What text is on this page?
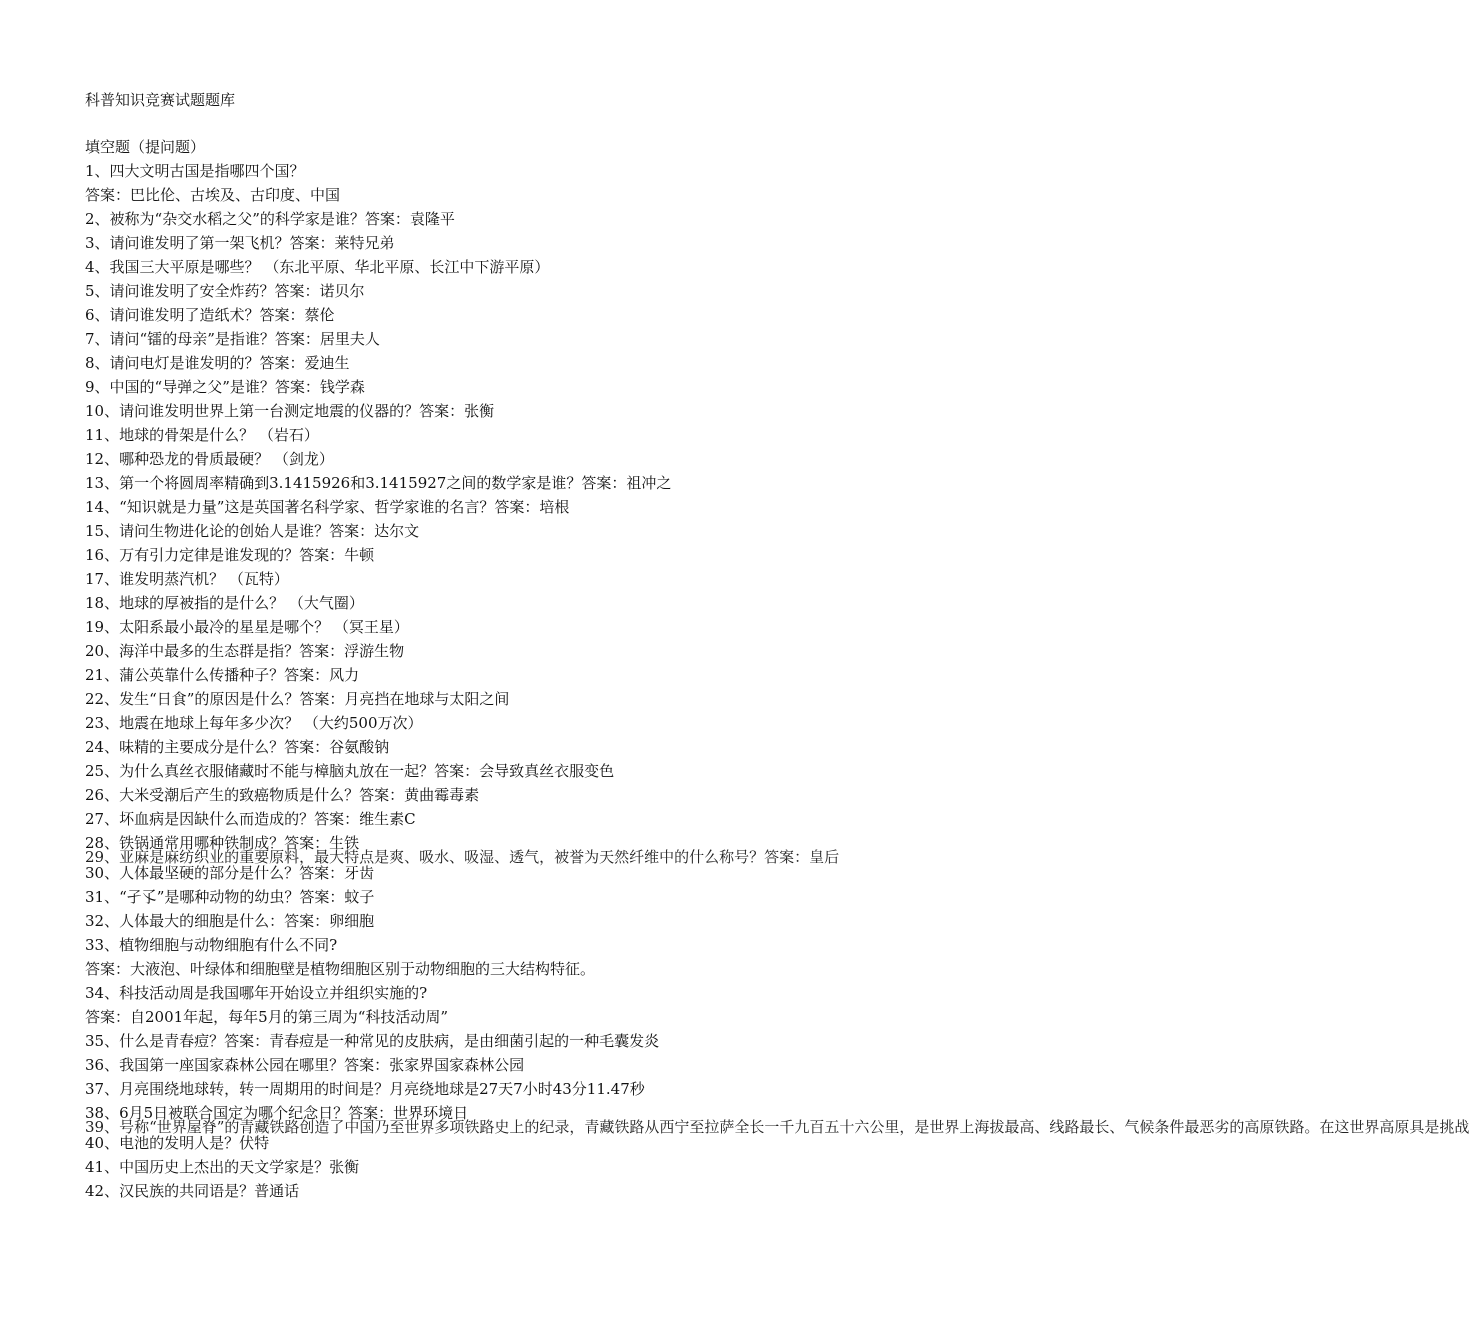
科普知识竞赛试题题库
填空题（提问题）
1、四大文明古国是指哪四个国？
答案：巴比伦、古埃及、古印度、中国
2、被称为“杂交水稻之父”的科学家是谁？答案：袁隆平
3、请问谁发明了第一架飞机？答案：莱特兄弟
4、我国三大平原是哪些？ （东北平原、华北平原、长江中下游平原）
5、请问谁发明了安全炸药？答案：诺贝尔
6、请问谁发明了造纸术？答案：蔡伦
7、请问“镭的母亲”是指谁？答案：居里夫人
8、请问电灯是谁发明的？答案：爱迪生
9、中国的“导弹之父”是谁？答案：钱学森
10、请问谁发明世界上第一台测定地震的仪器的？答案：张衡
11、地球的骨架是什么？ （岩石）
12、哪种恐龙的骨质最硬？ （剑龙）
13、第一个将圆周率精确到3.1415926和3.1415927之间的数学家是谁？答案：祖冲之
14、“知识就是力量”这是英国著名科学家、哲学家谁的名言？答案：培根
15、请问生物进化论的创始人是谁？答案：达尔文
16、万有引力定律是谁发现的？答案：牛顿
17、谁发明蒸汽机？ （瓦特）
18、地球的厚被指的是什么？ （大气圈）
19、太阳系最小最冷的星星是哪个？ （冥王星）
20、海洋中最多的生态群是指？答案：浮游生物
21、蒲公英靠什么传播种子？答案：风力
22、发生“日食”的原因是什么？答案：月亮挡在地球与太阳之间
23、地震在地球上每年多少次？ （大约500万次）
24、味精的主要成分是什么？答案：谷氨酸钠
25、为什么真丝衣服储藏时不能与樟脑丸放在一起？答案：会导致真丝衣服变色
26、大米受潮后产生的致癌物质是什么？答案：黄曲霉毒素
27、坏血病是因缺什么而造成的？答案：维生素C
28、铁锅通常用哪种铁制成？答案：生铁
29、亚麻是麻纺织业的重要原料，最大特点是爽、吸水、吸湿、透气，被誉为天然纤维中的什么称号？答案：皇后
30、人体最坚硬的部分是什么？答案：牙齿
31、“孑孓”是哪种动物的幼虫？答案：蚊子
32、人体最大的细胞是什么：答案：卵细胞
33、植物细胞与动物细胞有什么不同?
答案：大液泡、叶绿体和细胞壁是植物细胞区别于动物细胞的三大结构特征。
34、科技活动周是我国哪年开始设立并组织实施的?
答案：自2001年起，每年5月的第三周为“科技活动周”
35、什么是青春痘？答案：青春痘是一种常见的皮肤病，是由细菌引起的一种毛囊发炎
36、我国第一座国家森林公园在哪里？答案：张家界国家森林公园
37、月亮围绕地球转，转一周期用的时间是？月亮绕地球是27天7小时43分11.47秒
38、6月5日被联合国定为哪个纪念日？答案：世界环境日
39、号称“世界屋脊”的青藏铁路创造了中国乃至世界多项铁路史上的纪录，青藏铁路从西宁至拉萨全长一千九百五十六公里，是世界上海拔最高、线路最长、气候条件最恶劣的高原铁路。在这世界高原具是挑战
40、电池的发明人是？伏特
41、中国历史上杰出的天文学家是？张衡
42、汉民族的共同语是？普通话
